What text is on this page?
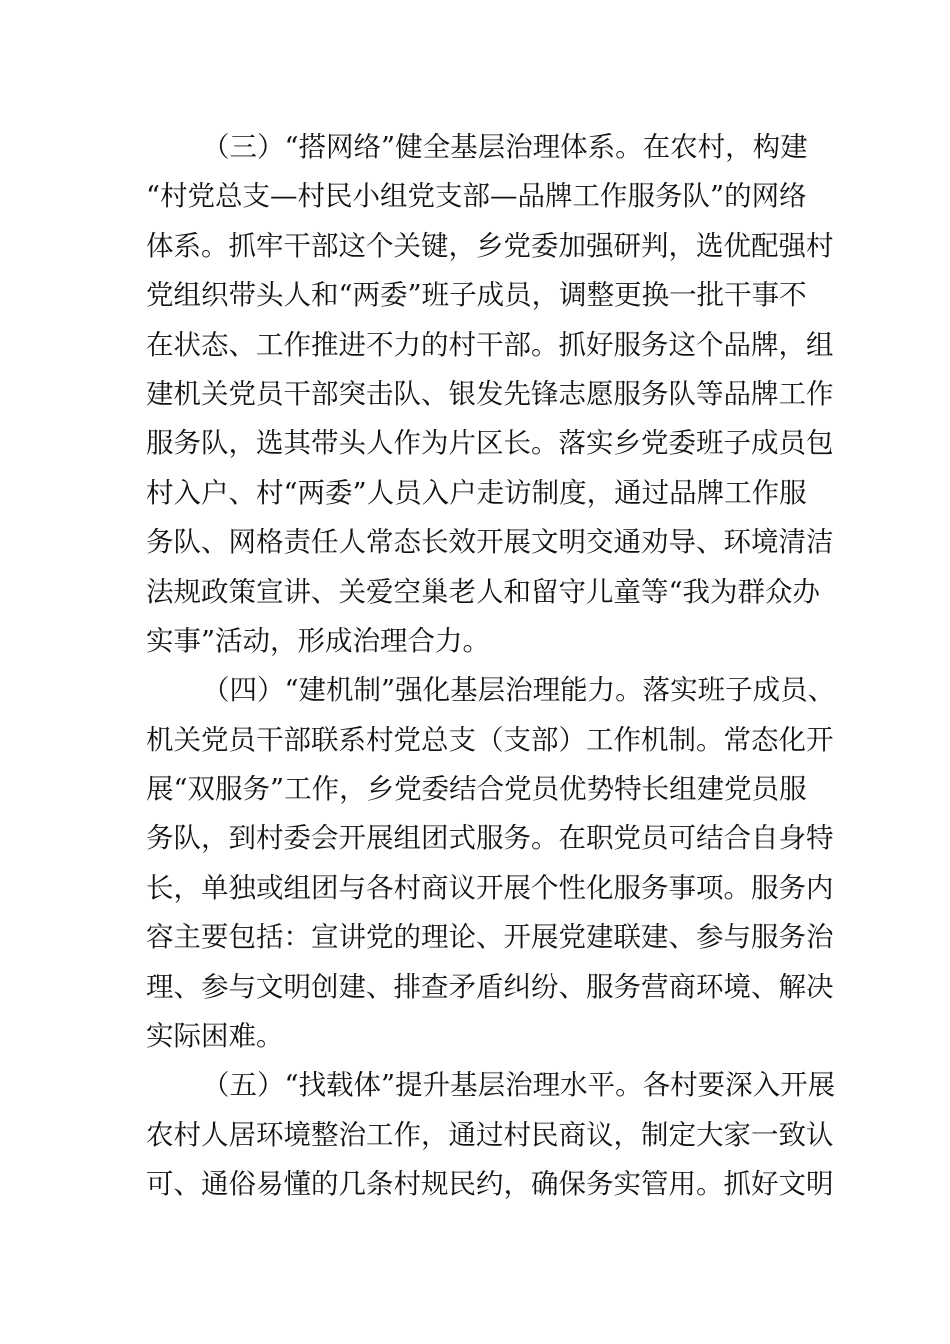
（三）“搭网络”健全基层治理体系。在农村，构建
“村党总支—村民小组党支部—品牌工作服务队”的网络
体系。抓牢干部这个关键，乡党委加强研判，选优配强村
党组织带头人和“两委”班子成员，调整更换一批干事不
在状态、工作推进不力的村干部。抓好服务这个品牌，组
建机关党员干部突击队、银发先锋志愿服务队等品牌工作
服务队，选其带头人作为片区长。落实乡党委班子成员包
村入户、村“两委”人员入户走访制度，通过品牌工作服
务队、网格责任人常态长效开展文明交通劝导、环境清洁
法规政策宣讲、关爱空巢老人和留守儿童等“我为群众办
实事”活动，形成治理合力。
（四）“建机制”强化基层治理能力。落实班子成员、
机关党员干部联系村党总支（支部）工作机制。常态化开
展“双服务”工作，乡党委结合党员优势特长组建党员服
务队，到村委会开展组团式服务。在职党员可结合自身特
长，单独或组团与各村商议开展个性化服务事项。服务内
容主要包括：宣讲党的理论、开展党建联建、参与服务治
理、参与文明创建、排查矛盾纠纷、服务营商环境、解决
实际困难。
（五）“找载体”提升基层治理水平。各村要深入开展
农村人居环境整治工作，通过村民商议，制定大家一致认
可、通俗易懂的几条村规民约，确保务实管用。抓好文明
